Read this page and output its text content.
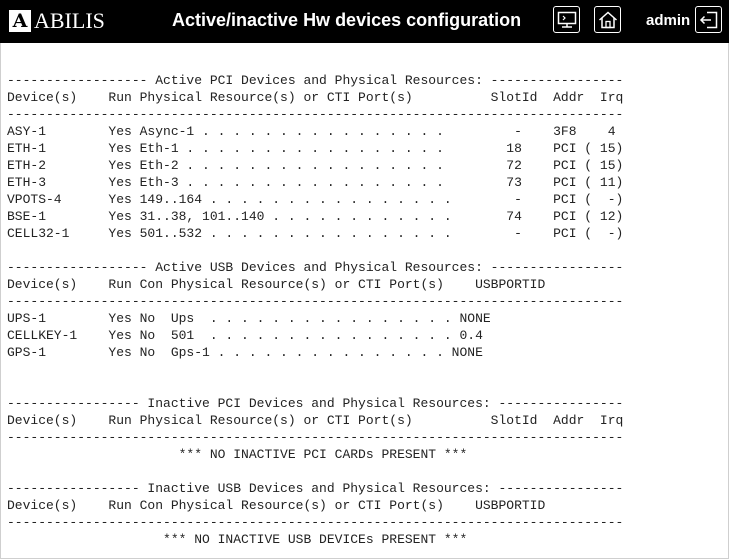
A ABILIS	Active/inactive Hw devices configuration	admin
------------------ Active PCI Devices and Physical Resources: -----------------
Device(s)    Run Physical Resource(s) or CTI Port(s)          SlotId  Addr  Irq
-------------------------------------------------------------------------------
ASY-1        Yes Async-1 . . . . . . . . . . . . . . . .         -    3F8    4
ETH-1        Yes Eth-1 . . . . . . . . . . . . . . . . .        18    PCI ( 15)
ETH-2        Yes Eth-2 . . . . . . . . . . . . . . . . .        72    PCI ( 15)
ETH-3        Yes Eth-3 . . . . . . . . . . . . . . . . .        73    PCI ( 11)
VPOTS-4      Yes 149..164 . . . . . . . . . . . . . . . .        -    PCI (  -)
BSE-1        Yes 31..38, 101..140 . . . . . . . . . . . .       74    PCI ( 12)
CELL32-1     Yes 501..532 . . . . . . . . . . . . . . . .        -    PCI (  -)
------------------ Active USB Devices and Physical Resources: -----------------
Device(s)    Run Con Physical Resource(s) or CTI Port(s)    USBPORTID
-------------------------------------------------------------------------------
UPS-1        Yes No  Ups  . . . . . . . . . . . . . . . . NONE
CELLKEY-1    Yes No  501  . . . . . . . . . . . . . . . . 0.4
GPS-1        Yes No  Gps-1 . . . . . . . . . . . . . . . NONE
----------------- Inactive PCI Devices and Physical Resources: ----------------
Device(s)    Run Physical Resource(s) or CTI Port(s)          SlotId  Addr  Irq
-------------------------------------------------------------------------------
*** NO INACTIVE PCI CARDs PRESENT ***
----------------- Inactive USB Devices and Physical Resources: ----------------
Device(s)    Run Con Physical Resource(s) or CTI Port(s)    USBPORTID
-------------------------------------------------------------------------------
*** NO INACTIVE USB DEVICEs PRESENT ***
